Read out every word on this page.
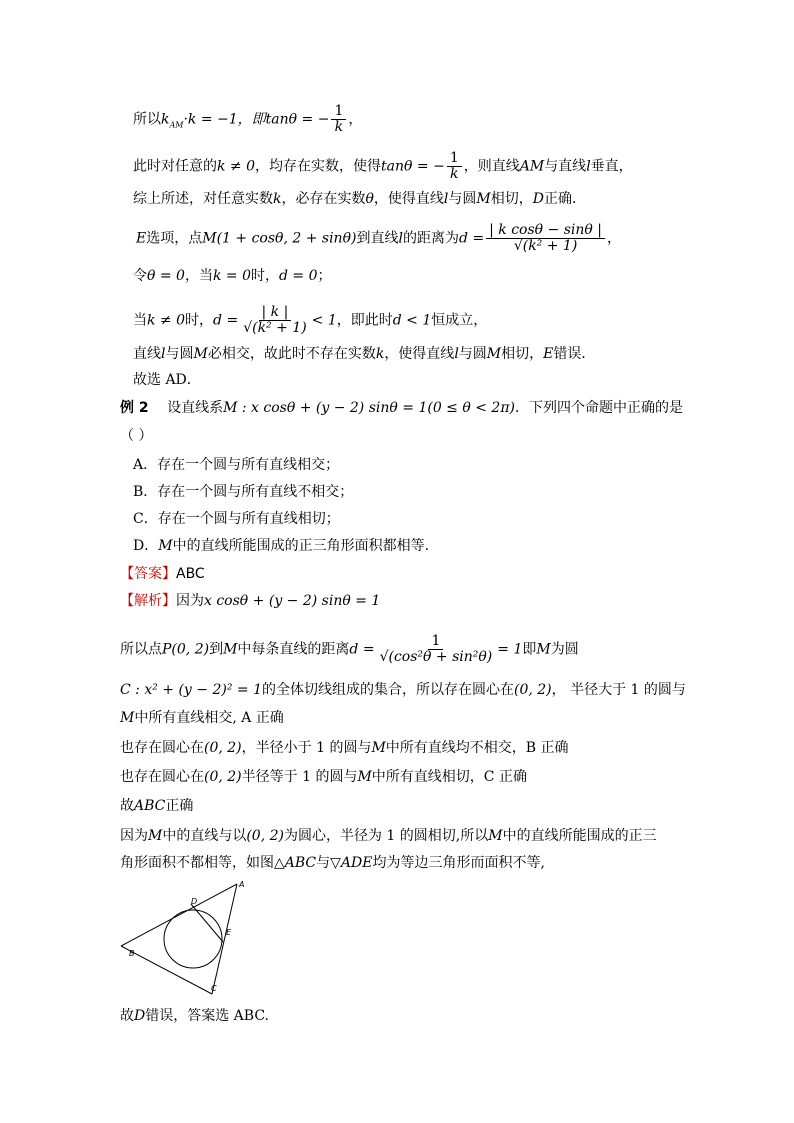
所以$k_{AM}\cdot k = -1$，即tanθ = − $\frac{1}{k}$ ，
此时对任意的k ≠ 0，均存在实数，使得tanθ = − $\frac{1}{k}$ ，则直线AM与直线l垂直，
综上所述，对任意实数k，必存在实数θ，使得直线l与圆M相切，D正确．
E选项，点M(1 + cosθ, 2 + sinθ)到直线l的距离为$d = \frac{\text{| k cosθ − sinθ |}}{\text{√(k² + 1)}}$ ，
令θ = 0，当k = 0时，d = 0；
当k ≠ 0时，$d = \frac{| k |}{\text{√(k² + 1)}} < 1$，即此时d < 1恒成立，
直线l与圆M必相交，故此时不存在实数k，使得直线l与圆M相切，E错误．
故选 AD．
例 2 设直线系M : x cosθ + (y − 2) sinθ = 1(0 ≤ θ < 2π)．下列四个命题中正确的是
（ ）
A．存在一个圆与所有直线相交；
B．存在一个圆与所有直线不相交；
C．存在一个圆与所有直线相切；
D．M中的直线所能围成的正三角形面积都相等.
【答案】ABC
【解析】因为x cosθ + (y − 2) sinθ = 1
所以点P(0, 2)到M中每条直线的距离$d = \frac{1}{\text{√(cos²θ + sin²θ)}} = 1$即M为圆
C : x² + (y − 2)² = 1的全体切线组成的集合，所以存在圆心在(0, 2)， 半径大于 1 的圆与
M中所有直线相交, A 正确
也存在圆心在(0, 2)，半径小于 1 的圆与M中所有直线均不相交，B 正确
也存在圆心在(0, 2)半径等于 1 的圆与M中所有直线相切，C 正确
故ABC正确
因为M中的直线与以(0, 2)为圆心，半径为 1 的圆相切,所以M中的直线所能围成的正三
角形面积不都相等，如图△ABC与▽ADE均为等边三角形而面积不等,
A
B
C
D
E
故D错误，答案选 ABC.
